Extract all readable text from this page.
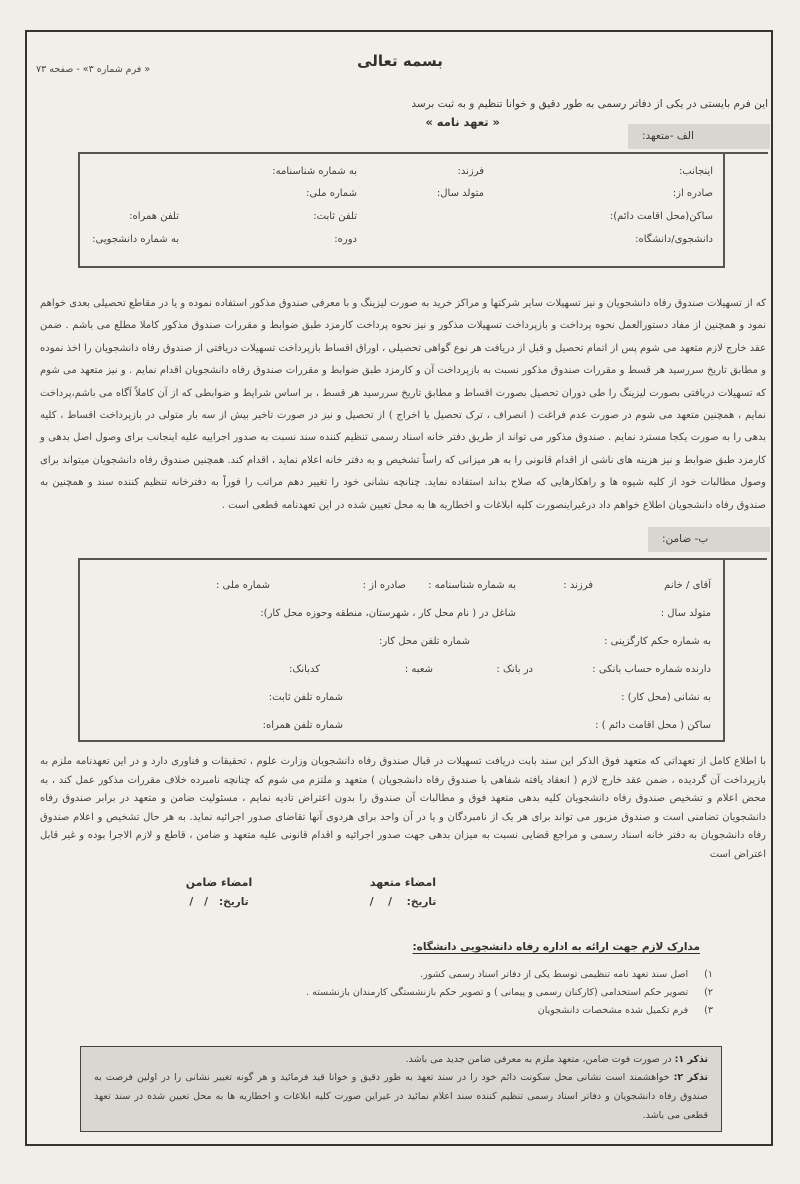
« فرم شماره ۳» - صفحه ۷۳	بسمه تعالی
این فرم بایستی در یکی از دفاتر رسمی به طور دقیق و خوانا تنظیم و به ثبت برسد
« تعهد نامه »
الف -متعهد:
اینجانب:
فرزند:
به شماره شناسنامه:
صادره از:
متولد سال:
شماره ملی:
ساکن(محل اقامت دائم):
تلفن ثابت:
تلفن همراه:
دانشجوی/دانشگاه:
دوره:
به شماره دانشجویی:
که از تسهیلات صندوق رفاه دانشجویان و نیز تسهیلات سایر شرکتها و مراکز خرید به صورت لیزینگ و با معرفی صندوق مذکور استفاده نموده و یا در مقاطع تحصیلی بعدی خواهم نمود و همچنین از مفاد دستورالعمل نحوه پرداخت و بازپرداخت تسهیلات مذکور و نیز نحوه پرداخت کارمزد طبق ضوابط و مقررات صندوق مذکور کاملا مطلع می باشم . ضمن عقد خارج لازم متعهد می شوم پس از اتمام تحصیل و قبل از دریافت هر نوع گواهی تحصیلی ، اوراق اقساط بازپرداخت تسهیلات دریافتی از صندوق رفاه دانشجویان را اخذ نموده و مطابق تاریخ سررسید هر قسط و مقررات صندوق مذکور نسبت به بازپرداخت آن و کارمزد طبق ضوابط و مقررات صندوق رفاه دانشجویان اقدام نمایم . و نیز متعهد می شوم که تسهیلات دریافتی بصورت لیزینگ را طی دوران تحصیل بصورت اقساط و مطابق تاریخ سررسید هر قسط ، بر اساس شرایط و ضوابطی که از آن کاملاً آگاه می باشم،پرداخت نمایم ، همچنین متعهد می شوم در صورت عدم فراغت ( انصراف ، ترک تحصیل یا اخراج ) از تحصیل و نیز در صورت تاخیر بیش از سه بار متولی در بازپرداخت اقساط ، کلیه بدهی را به صورت یکجا مسترد نمایم . صندوق مذکور می تواند از طریق دفتر خانه اسناد رسمی تنظیم کننده سند نسبت به صدور اجراییه علیه اینجانب برای وصول اصل بدهی و کارمزد طبق ضوابط و نیز هزینه های ناشی از اقدام قانونی را به هر میزانی که راساً تشخیص و به دفتر خانه اعلام نماید ، اقدام کند. همچنین صندوق رفاه دانشجویان میتواند برای وصول مطالبات خود از کلیه شیوه ها و راهکارهایی که صلاح بداند استفاده نماید. چنانچه نشانی خود را تغییر دهم مراتب را فوراً به دفترخانه تنظیم کننده سند و همچنین به صندوق رفاه دانشجویان اطلاع خواهم داد درغیراینصورت کلیه ابلاغات و اخطاریه ها به محل تعیین شده در این تعهدنامه قطعی است .
ب- ضامن:
آقای / خانم
فرزند :
به شماره شناسنامه :
صادره از :
شماره ملی :
متولد سال :
شاغل در ( نام محل کار ، شهرستان، منطقه وحوزه محل کار):
به شماره حکم کارگزینی :
شماره تلفن محل کار:
دارنده شماره حساب بانکی :
در بانک :
شعبه :
کدبانک:
به نشانی (محل کار) :
شماره تلفن ثابت:
ساکن ( محل اقامت دائم ) :
شماره تلفن همراه:
با اطلاع کامل از تعهداتی که متعهد فوق الذکر این سند بابت دریافت تسهیلات در قبال صندوق رفاه دانشجویان وزارت علوم ، تحقیقات و فناوری دارد و در این تعهدنامه ملزم به بازپرداخت آن گردیده ، ضمن عقد خارج لازم ( انعقاد یافته شفاهی با صندوق رفاه دانشجویان ) متعهد و ملتزم می شوم که چنانچه نامبرده خلاف مقررات مذکور عمل کند ، به محض اعلام و تشخیص صندوق رفاه دانشجویان کلیه بدهی متعهد فوق و مطالبات آن صندوق را بدون اعتراض تادیه نمایم ، مسئولیت ضامن و متعهد در برابر صندوق رفاه دانشجویان تضامنی است و صندوق مزبور می تواند برای هر یک از نامبردگان و یا در آن واحد برای هردوی آنها تقاضای صدور اجرائیه نماید. به هر حال تشخیص و اعلام صندوق رفاه دانشجویان به دفتر خانه اسناد رسمی و مراجع قضایی نسبت به میزان بدهی جهت صدور اجرائیه و اقدام قانونی علیه متعهد و ضامن ، قاطع و لازم الاجرا بوده و غیر قابل اعتراض است
امضاء متعهد
تاریخ:    /    /
امضاء ضامن
تاریخ:   /   /
مدارک لازم جهت ارائه به اداره رفاه دانشجویی دانشگاه:
۱)
اصل سند تعهد نامه تنظیمی توسط یکی از دفاتر اسناد رسمی کشور.
۲)
تصویر حکم استخدامی (کارکنان رسمی و پیمانی ) و تصویر حکم بازنشستگی کارمندان بازنشسته .
۳)
فرم تکمیل شده مشخصات دانشجویان
تذکر ۱: در صورت فوت ضامن، متعهد ملزم به معرفی ضامن جدید می باشد.
تذکر ۲: خواهشمند است نشانی محل سکونت دائم خود را در سند تعهد به طور دقیق و خوانا قید فرمائید و هر گونه تغییر نشانی را در اولین فرصت به صندوق رفاه دانشجویان و دفاتر اسناد رسمی تنظیم کننده سند اعلام نمائید در غیراین صورت کلیه ابلاغات و اخطاریه ها به محل تعیین شده در سند تعهد قطعی می باشد.
